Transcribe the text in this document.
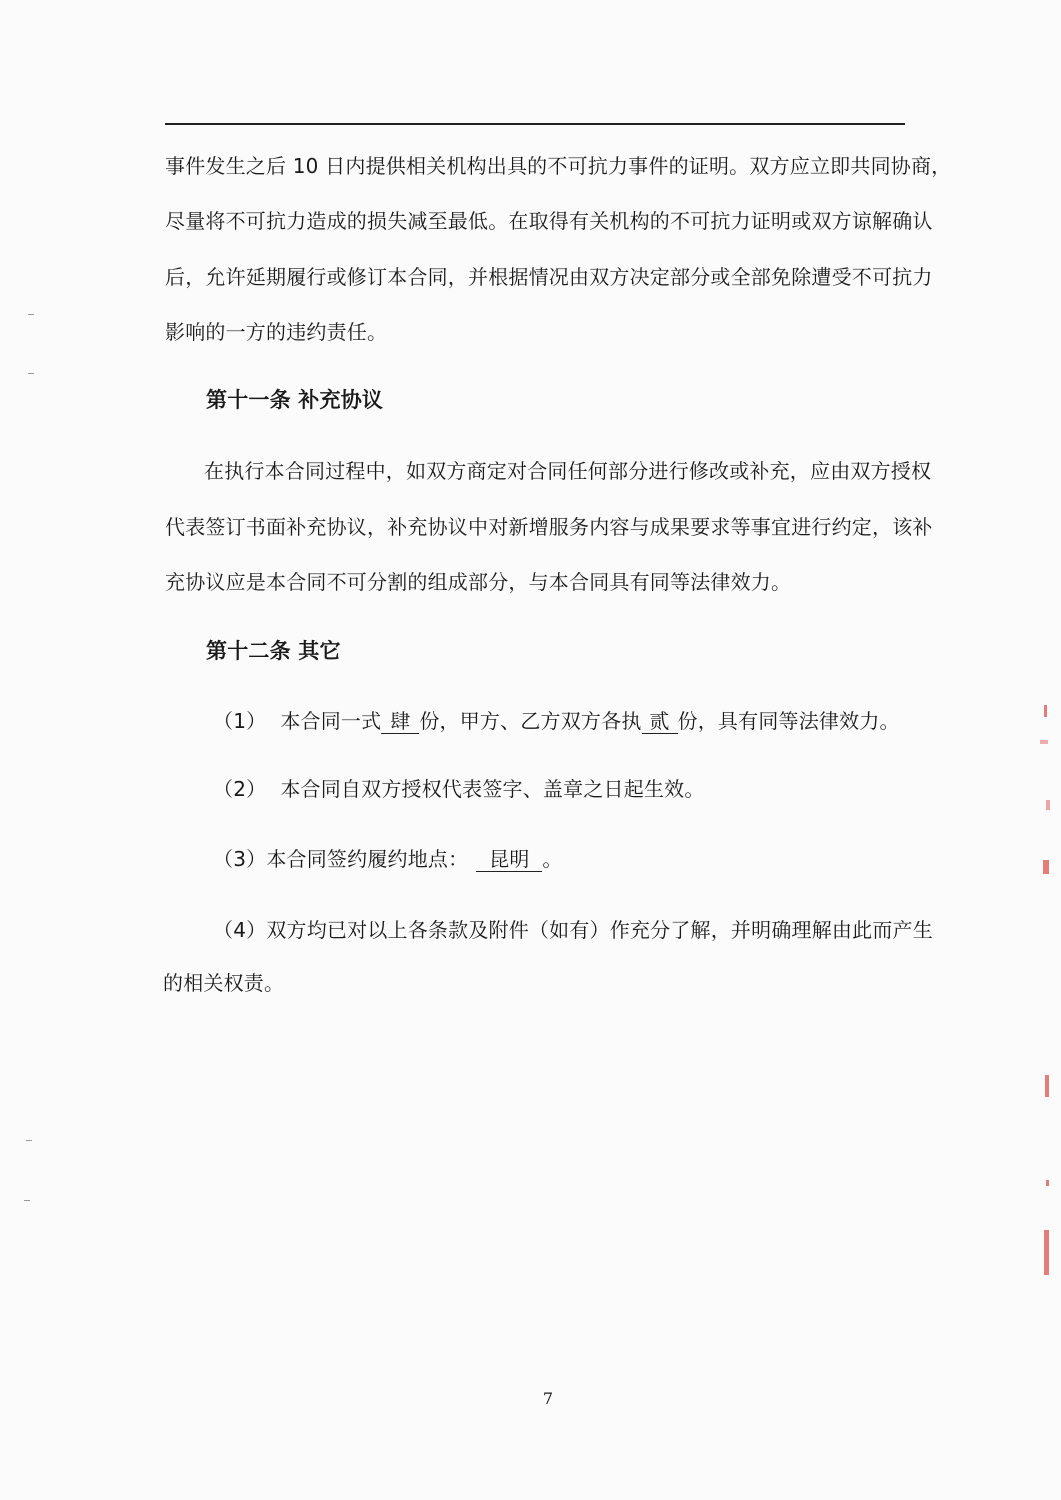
事件发生之后 10 日内提供相关机构出具的不可抗力事件的证明。双方应立即共同协商，
尽量将不可抗力造成的损失减至最低。在取得有关机构的不可抗力证明或双方谅解确认
后，允许延期履行或修订本合同，并根据情况由双方决定部分或全部免除遭受不可抗力
影响的一方的违约责任。
第十一条 补充协议
在执行本合同过程中，如双方商定对合同任何部分进行修改或补充，应由双方授权
代表签订书面补充协议，补充协议中对新增服务内容与成果要求等事宜进行约定，该补
充协议应是本合同不可分割的组成部分，与本合同具有同等法律效力。
第十二条 其它
（1） 本合同一式 肆 份，甲方、乙方双方各执 贰 份，具有同等法律效力。
（2） 本合同自双方授权代表签字、盖章之日起生效。
（3）本合同签约履约地点： 昆明 。
（4）双方均已对以上各条款及附件（如有）作充分了解，并明确理解由此而产生
的相关权责。
7
